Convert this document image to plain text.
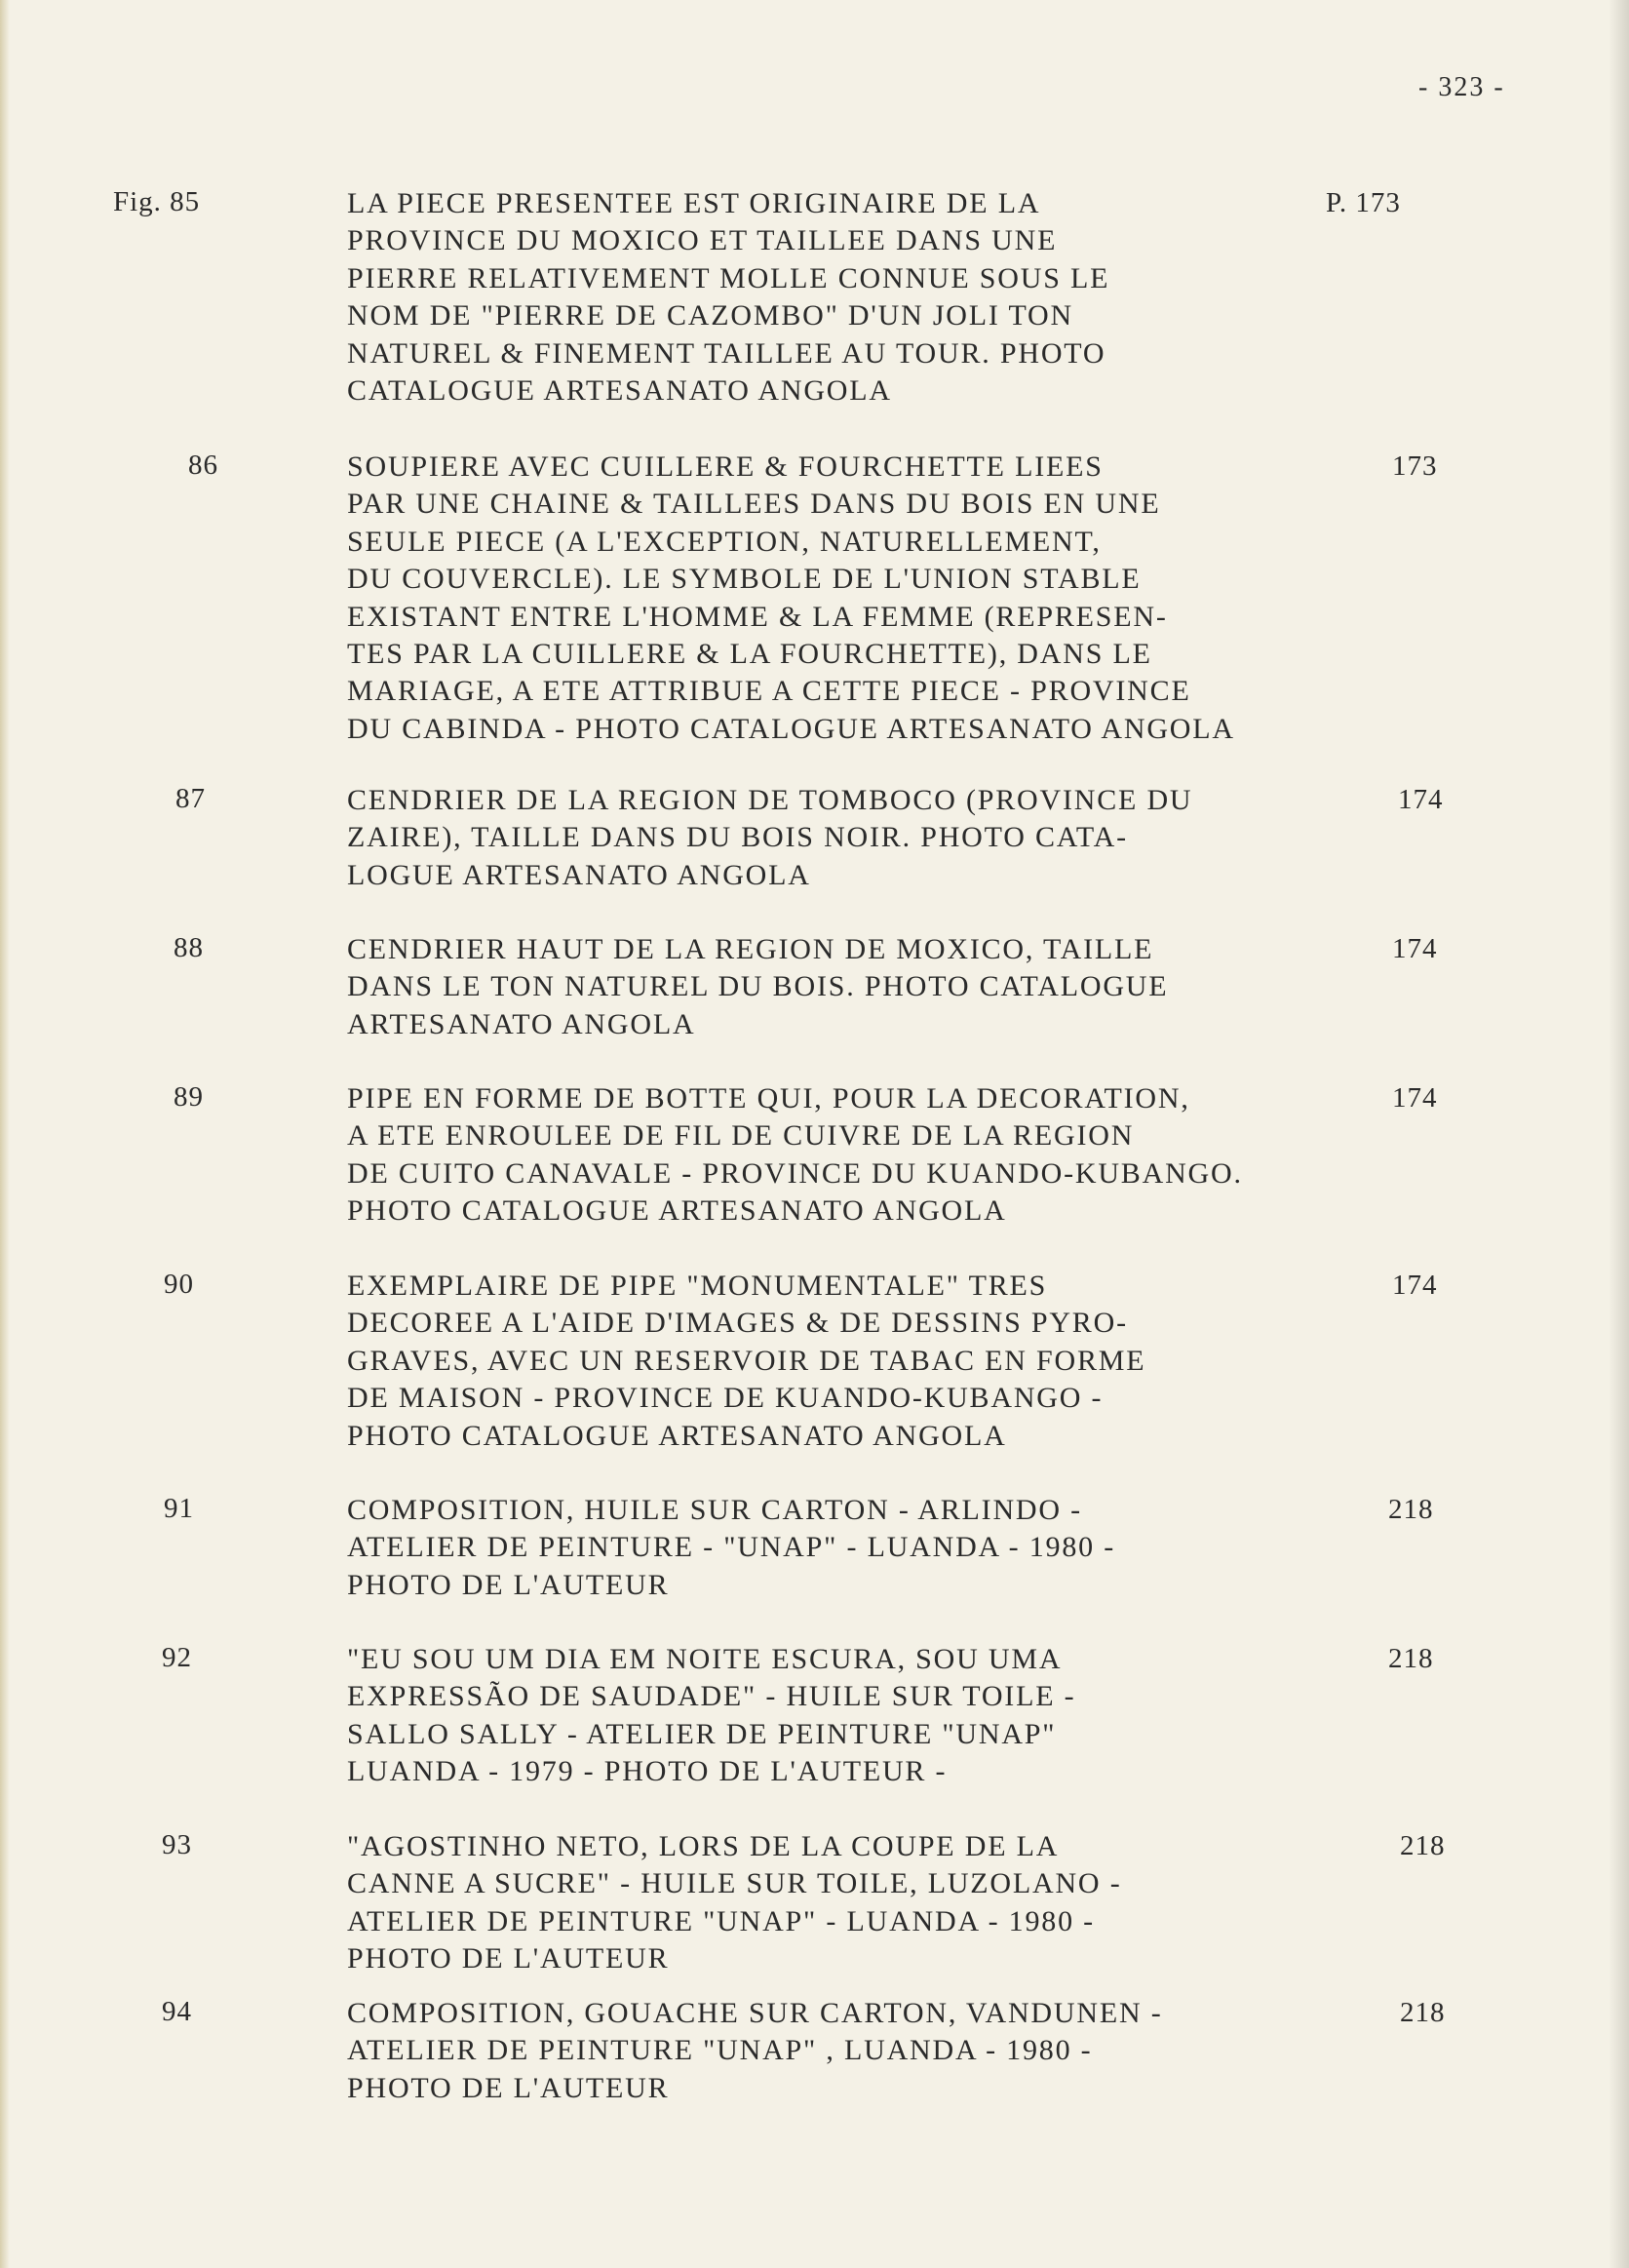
- 323 -
Fig. 85	LA PIECE PRESENTEE EST ORIGINAIRE DE LA
PROVINCE DU MOXICO ET TAILLEE DANS UNE
PIERRE RELATIVEMENT MOLLE CONNUE SOUS LE
NOM DE "PIERRE DE CAZOMBO" D'UN JOLI TON
NATUREL & FINEMENT TAILLEE AU TOUR. PHOTO
CATALOGUE ARTESANATO ANGOLA
P. 173
86	SOUPIERE AVEC CUILLERE & FOURCHETTE LIEES
PAR UNE CHAINE & TAILLEES DANS DU BOIS EN UNE
SEULE PIECE (A L'EXCEPTION, NATURELLEMENT,
DU COUVERCLE). LE SYMBOLE DE L'UNION STABLE
EXISTANT ENTRE L'HOMME & LA FEMME (REPRESEN-
TES PAR LA CUILLERE & LA FOURCHETTE), DANS LE
MARIAGE, A ETE ATTRIBUE A CETTE PIECE - PROVINCE
DU CABINDA - PHOTO CATALOGUE ARTESANATO ANGOLA
173
87	CENDRIER DE LA REGION DE TOMBOCO (PROVINCE DU
ZAIRE), TAILLE DANS DU BOIS NOIR. PHOTO CATA-
LOGUE ARTESANATO ANGOLA
174
88	CENDRIER HAUT DE LA REGION DE MOXICO, TAILLE
DANS LE TON NATUREL DU BOIS. PHOTO CATALOGUE
ARTESANATO ANGOLA
174
89	PIPE EN FORME DE BOTTE QUI, POUR LA DECORATION,
A ETE ENROULEE DE FIL DE CUIVRE DE LA REGION
DE CUITO CANAVALE - PROVINCE DU KUANDO-KUBANGO.
PHOTO CATALOGUE ARTESANATO ANGOLA
174
90	EXEMPLAIRE DE PIPE "MONUMENTALE" TRES
DECOREE A L'AIDE D'IMAGES & DE DESSINS PYRO-
GRAVES, AVEC UN RESERVOIR DE TABAC EN FORME
DE MAISON - PROVINCE DE KUANDO-KUBANGO -
PHOTO CATALOGUE ARTESANATO ANGOLA
174
91	COMPOSITION, HUILE SUR CARTON - ARLINDO -
ATELIER DE PEINTURE - "UNAP" - LUANDA - 1980 -
PHOTO DE L'AUTEUR
218
92	"EU SOU UM DIA EM NOITE ESCURA, SOU UMA
EXPRESSÃO DE SAUDADE" - HUILE SUR TOILE -
SALLO SALLY - ATELIER DE PEINTURE "UNAP"
LUANDA - 1979 - PHOTO DE L'AUTEUR -
218
93	"AGOSTINHO NETO, LORS DE LA COUPE DE LA
CANNE A SUCRE" - HUILE SUR TOILE, LUZOLANO -
ATELIER DE PEINTURE "UNAP" - LUANDA - 1980 -
PHOTO DE L'AUTEUR
218
94	COMPOSITION, GOUACHE SUR CARTON, VANDUNEN -
ATELIER DE PEINTURE "UNAP" , LUANDA - 1980 -
PHOTO DE L'AUTEUR
218
